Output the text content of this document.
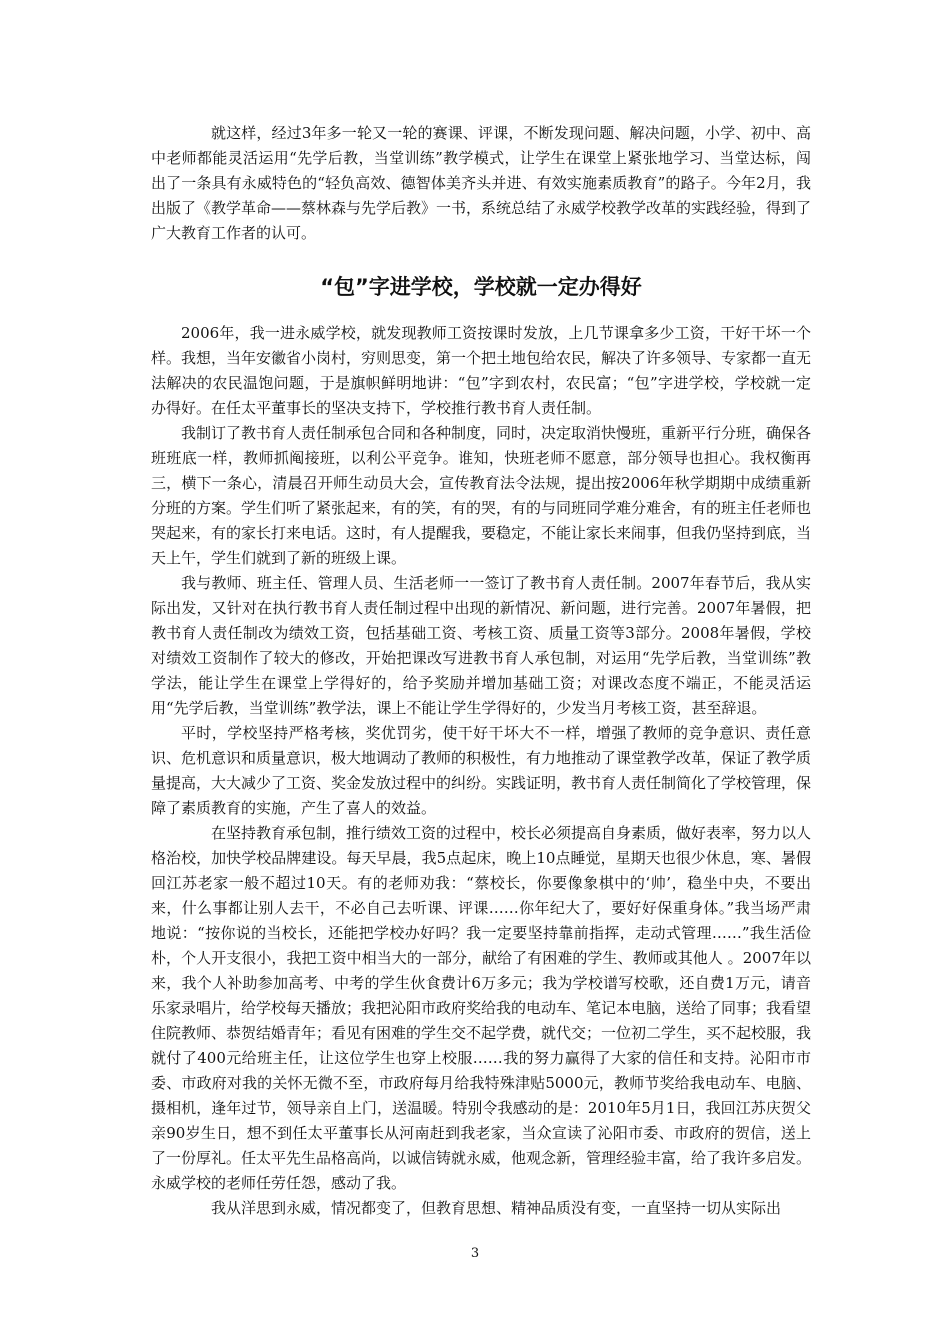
就这样，经过3年多一轮又一轮的赛课、评课，不断发现问题、解决问题，小学、初中、高中老师都能灵活运用“先学后教，当堂训练”教学模式，让学生在课堂上紧张地学习、当堂达标，闯出了一条具有永威特色的“轻负高效、德智体美齐头并进、有效实施素质教育”的路子。今年2月，我出版了《教学革命——蔡林森与先学后教》一书，系统总结了永威学校教学改革的实践经验，得到了广大教育工作者的认可。

“包”字进学校，学校就一定办得好

2006年，我一进永威学校，就发现教师工资按课时发放，上几节课拿多少工资，干好干坏一个样。我想，当年安徽省小岗村，穷则思变，第一个把土地包给农民，解决了许多领导、专家都一直无法解决的农民温饱问题，于是旗帜鲜明地讲：“包”字到农村，农民富；“包”字进学校，学校就一定办得好。在任太平董事长的坚决支持下，学校推行教书育人责任制。

我制订了教书育人责任制承包合同和各种制度，同时，决定取消快慢班，重新平行分班，确保各班班底一样，教师抓阄接班，以利公平竞争。谁知，快班老师不愿意，部分领导也担心。我权衡再三，横下一条心，清晨召开师生动员大会，宣传教育法令法规，提出按2006年秋学期期中成绩重新分班的方案。学生们听了紧张起来，有的笑，有的哭，有的与同班同学难分难舍，有的班主任老师也哭起来，有的家长打来电话。这时，有人提醒我，要稳定，不能让家长来闹事，但我仍坚持到底，当天上午，学生们就到了新的班级上课。

我与教师、班主任、管理人员、生活老师一一签订了教书育人责任制。2007年春节后，我从实际出发，又针对在执行教书育人责任制过程中出现的新情况、新问题，进行完善。2007年暑假，把教书育人责任制改为绩效工资，包括基础工资、考核工资、质量工资等3部分。2008年暑假，学校对绩效工资制作了较大的修改，开始把课改写进教书育人承包制，对运用“先学后教，当堂训练”教学法，能让学生在课堂上学得好的，给予奖励并增加基础工资；对课改态度不端正，不能灵活运用“先学后教，当堂训练”教学法，课上不能让学生学得好的，少发当月考核工资，甚至辞退。

平时，学校坚持严格考核，奖优罚劣，使干好干坏大不一样，增强了教师的竞争意识、责任意识、危机意识和质量意识，极大地调动了教师的积极性，有力地推动了课堂教学改革，保证了教学质量提高，大大减少了工资、奖金发放过程中的纠纷。实践证明，教书育人责任制简化了学校管理，保障了素质教育的实施，产生了喜人的效益。

在坚持教育承包制，推行绩效工资的过程中，校长必须提高自身素质，做好表率，努力以人格治校，加快学校品牌建设。每天早晨，我5点起床，晚上10点睡觉，星期天也很少休息，寒、暑假回江苏老家一般不超过10天。有的老师劝我：“蔡校长，你要像象棋中的‘帅’，稳坐中央，不要出来，什么事都让别人去干，不必自己去听课、评课……你年纪大了，要好好保重身体。”我当场严肃地说：“按你说的当校长，还能把学校办好吗？我一定要坚持靠前指挥，走动式管理……”我生活俭朴，个人开支很小，我把工资中相当大的一部分，献给了有困难的学生、教师或其他人 。2007年以来，我个人补助参加高考、中考的学生伙食费计6万多元；我为学校谱写校歌，还自费1万元，请音乐家录唱片，给学校每天播放；我把沁阳市政府奖给我的电动车、笔记本电脑，送给了同事；我看望住院教师、恭贺结婚青年；看见有困难的学生交不起学费，就代交；一位初二学生，买不起校服，我就付了400元给班主任，让这位学生也穿上校服……我的努力赢得了大家的信任和支持。沁阳市市委、市政府对我的关怀无微不至，市政府每月给我特殊津贴5000元，教师节奖给我电动车、电脑、摄相机，逢年过节，领导亲自上门，送温暖。特别令我感动的是：2010年5月1日，我回江苏庆贺父亲90岁生日，想不到任太平董事长从河南赶到我老家，当众宣读了沁阳市委、市政府的贺信，送上了一份厚礼。任太平先生品格高尚，以诚信铸就永威，他观念新，管理经验丰富，给了我许多启发。永威学校的老师任劳任怨，感动了我。

我从洋思到永威，情况都变了，但教育思想、精神品质没有变，一直坚持一切从实际出

3
